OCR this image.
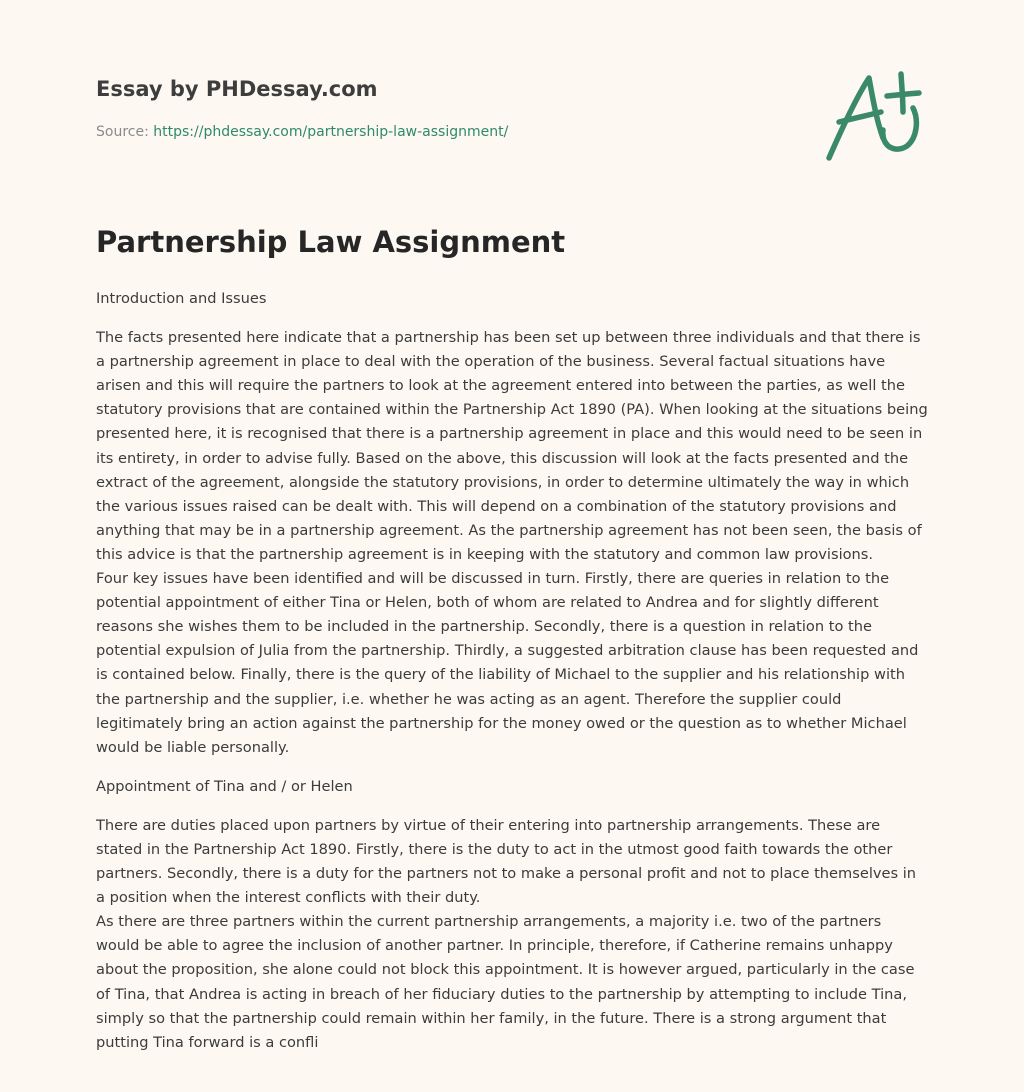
Essay by PHDessay.com
Source: https://phdessay.com/partnership-law-assignment/
Partnership Law Assignment

Introduction and Issues

The facts presented here indicate that a partnership has been set up between three individuals and that there is a partnership agreement in place to deal with the operation of the business. Several factual situations have arisen and this will require the partners to look at the agreement entered into between the parties, as well the statutory provisions that are contained within the Partnership Act 1890 (PA). When looking at the situations being presented here, it is recognised that there is a partnership agreement in place and this would need to be seen in its entirety, in order to advise fully. Based on the above, this discussion will look at the facts presented and the extract of the agreement, alongside the statutory provisions, in order to determine ultimately the way in which the various issues raised can be dealt with. This will depend on a combination of the statutory provisions and anything that may be in a partnership agreement. As the partnership agreement has not been seen, the basis of this advice is that the partnership agreement is in keeping with the statutory and common law provisions.

Four key issues have been identified and will be discussed in turn. Firstly, there are queries in relation to the potential appointment of either Tina or Helen, both of whom are related to Andrea and for slightly different reasons she wishes them to be included in the partnership. Secondly, there is a question in relation to the potential expulsion of Julia from the partnership. Thirdly, a suggested arbitration clause has been requested and is contained below. Finally, there is the query of the liability of Michael to the supplier and his relationship with the partnership and the supplier, i.e. whether he was acting as an agent. Therefore the supplier could legitimately bring an action against the partnership for the money owed or the question as to whether Michael would be liable personally.

Appointment of Tina and / or Helen

There are duties placed upon partners by virtue of their entering into partnership arrangements. These are stated in the Partnership Act 1890. Firstly, there is the duty to act in the utmost good faith towards the other partners. Secondly, there is a duty for the partners not to make a personal profit and not to place themselves in a position when the interest conflicts with their duty.

As there are three partners within the current partnership arrangements, a majority i.e. two of the partners would be able to agree the inclusion of another partner. In principle, therefore, if Catherine remains unhappy about the proposition, she alone could not block this appointment. It is however argued, particularly in the case of Tina, that Andrea is acting in breach of her fiduciary duties to the partnership by attempting to include Tina, simply so that the partnership could remain within her family, in the future. There is a strong argument that putting Tina forward is a confli
